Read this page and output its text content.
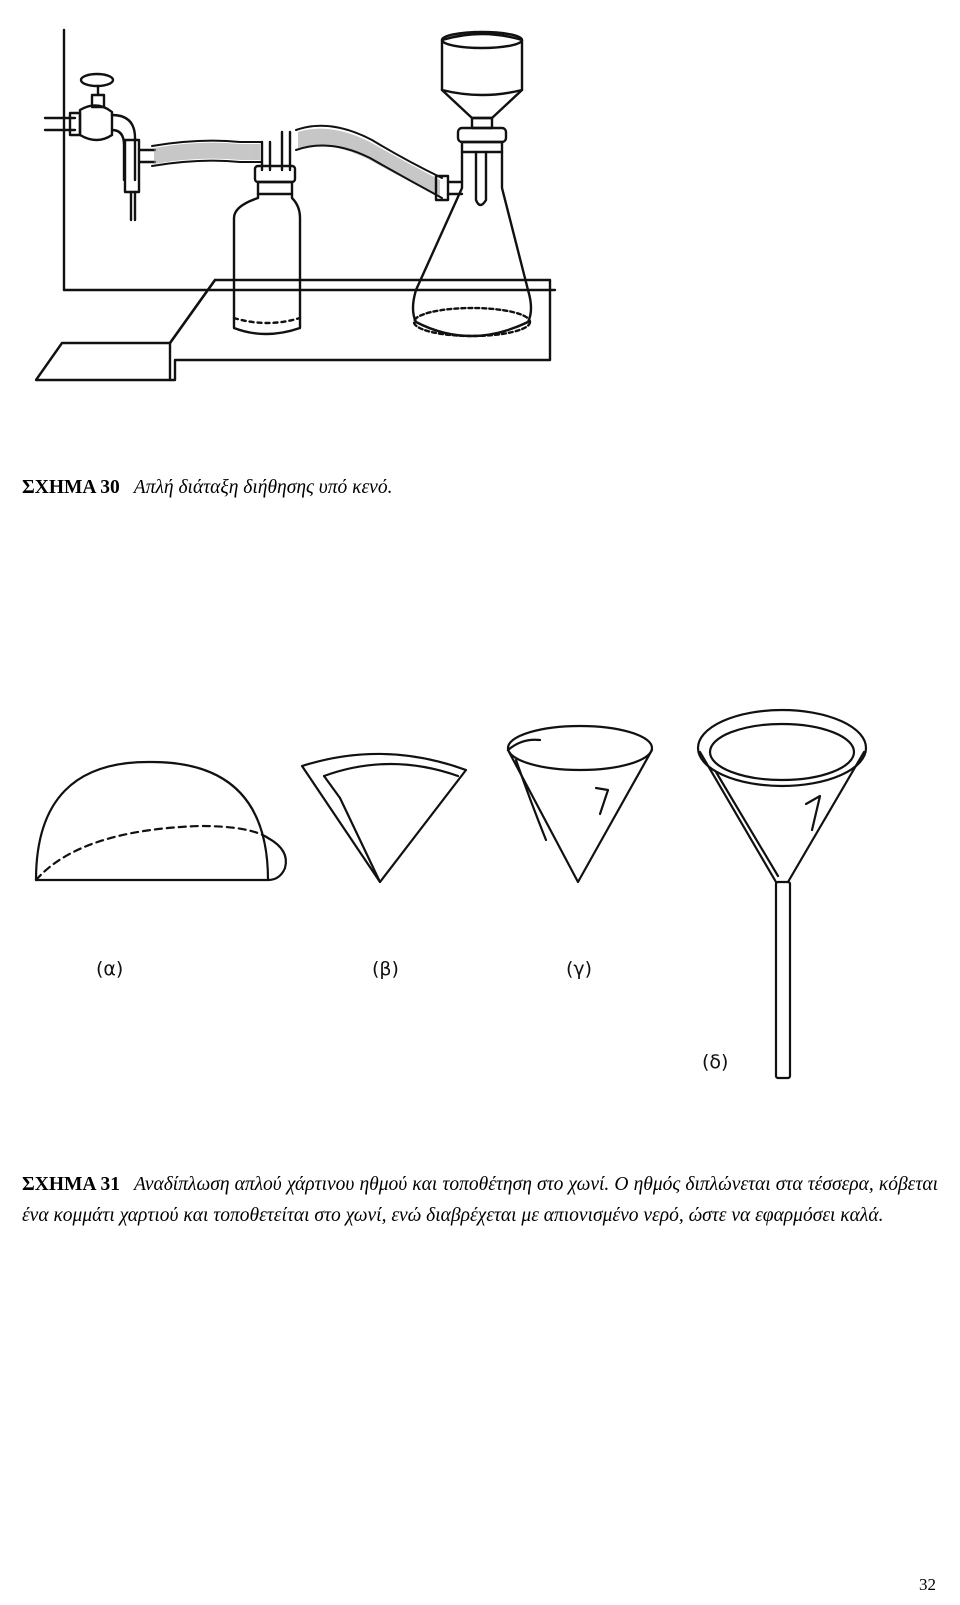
ΣΧΗΜΑ 30 Απλή διάταξη διήθησης υπό κενό.
(α)	(β)	(γ)
(δ)
ΣΧΗΜΑ 31 Αναδίπλωση απλού χάρτινου ηθμού και τοποθέτηση στο χωνί. Ο ηθμός διπλώνεται στα τέσσερα, κόβεται ένα κομμάτι χαρτιού και τοποθετείται στο χωνί, ενώ διαβρέχεται με απιονισμένο νερό, ώστε να εφαρμόσει καλά.
32
